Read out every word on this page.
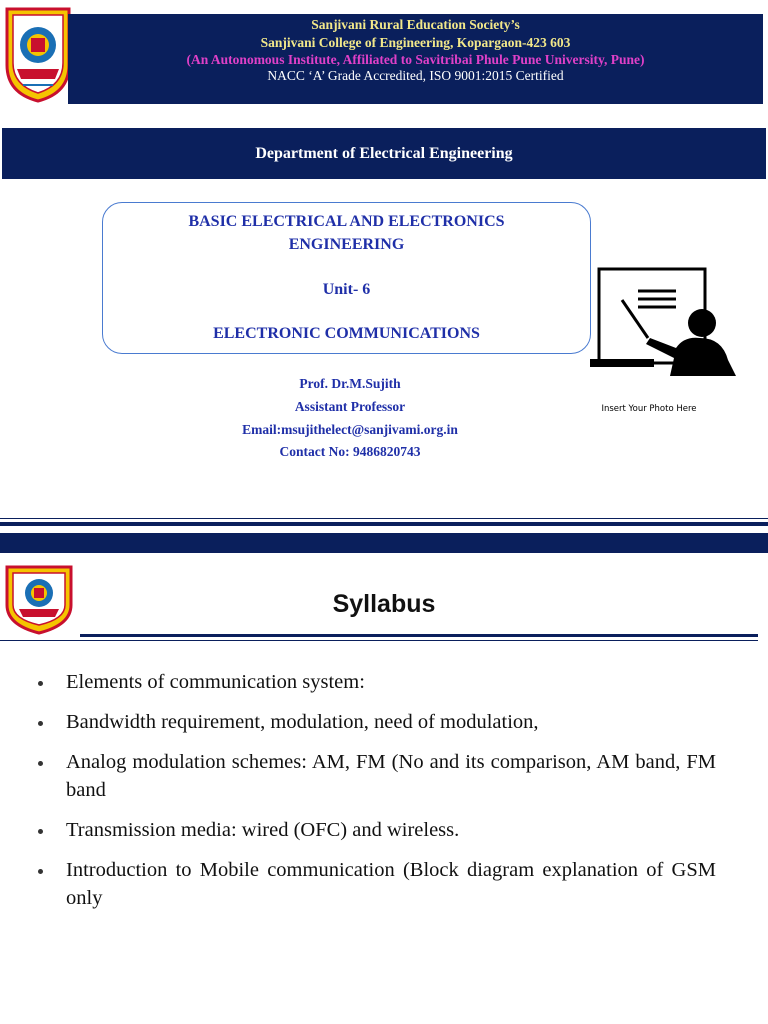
Sanjivani Rural Education Society’s
Sanjivani College of Engineering, Kopargaon-423 603
(An Autonomous Institute, Affiliated to Savitribai Phule Pune University, Pune)
NACC ‘A’ Grade Accredited, ISO 9001:2015 Certified
Department of Electrical Engineering
BASIC ELECTRICAL AND ELECTRONICS
ENGINEERING
Unit- 6
ELECTRONIC COMMUNICATIONS
Prof. Dr.M.Sujith
Assistant Professor
Email:msujithelect@sanjivami.org.in
Contact No: 9486820743
Insert Your Photo Here
Syllabus
Elements of communication system:
Bandwidth requirement, modulation, need of modulation,
Analog modulation schemes: AM, FM (No and its comparison, AM band, FM band
Transmission media: wired (OFC) and wireless.
Introduction to Mobile communication (Block diagram explanation of GSM only
